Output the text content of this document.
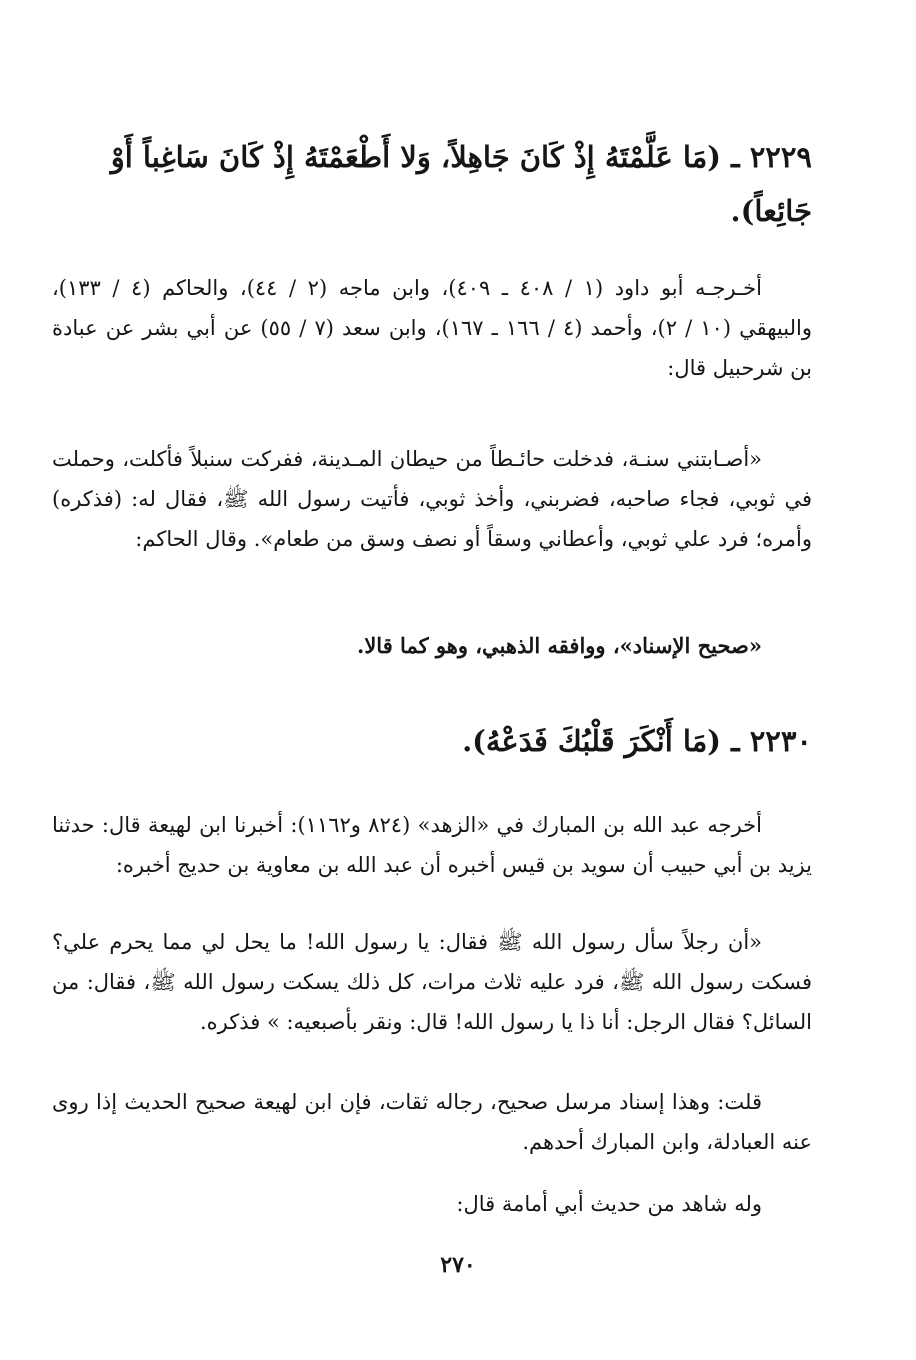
٢٢٢٩ ـ (مَا عَلَّمْتَهُ إِذْ كَانَ جَاهِلاً، وَلا أَطْعَمْتَهُ إِذْ كَانَ سَاغِباً أَوْ جَائِعاً).
أخـرجـه أبو داود (١ / ٤٠٨ ـ ٤٠٩)، وابن ماجه (٢ / ٤٤)، والحاكم (٤ / ١٣٣)، والبيهقي (١٠ / ٢)، وأحمد (٤ / ١٦٦ ـ ١٦٧)، وابن سعد (٧ / ٥٥) عن أبي بشر عن عبادة بن شرحبيل قال:
«أصـابتني سنـة، فدخلت حائـطاً من حيطان المـدينة، ففركت سنبلاً فأكلت، وحملت في ثوبي، فجاء صاحبه، فضربني، وأخذ ثوبي، فأتيت رسول الله ﷺ، فقال له: (فذكره) وأمره؛ فرد علي ثوبي، وأعطاني وسقاً أو نصف وسق من طعام». وقال الحاكم:
«صحيح الإسناد»، ووافقه الذهبي، وهو كما قالا.
٢٢٣٠ ـ (مَا أَنْكَرَ قَلْبُكَ فَدَعْهُ).
أخرجه عبد الله بن المبارك في «الزهد» (٨٢٤ و١١٦٢): أخبرنا ابن لهيعة قال: حدثنا يزيد بن أبي حبيب أن سويد بن قيس أخبره أن عبد الله بن معاوية بن حديج أخبره:
«أن رجلاً سأل رسول الله ﷺ فقال: يا رسول الله! ما يحل لي مما يحرم علي؟ فسكت رسول الله ﷺ، فرد عليه ثلاث مرات، كل ذلك يسكت رسول الله ﷺ، فقال: من السائل؟ فقال الرجل: أنا ذا يا رسول الله! قال: ونقر بأصبعيه: » فذكره.
قلت: وهذا إسناد مرسل صحيح، رجاله ثقات، فإن ابن لهيعة صحيح الحديث إذا روى عنه العبادلة، وابن المبارك أحدهم.
وله شاهد من حديث أبي أمامة قال:
٢٧٠
